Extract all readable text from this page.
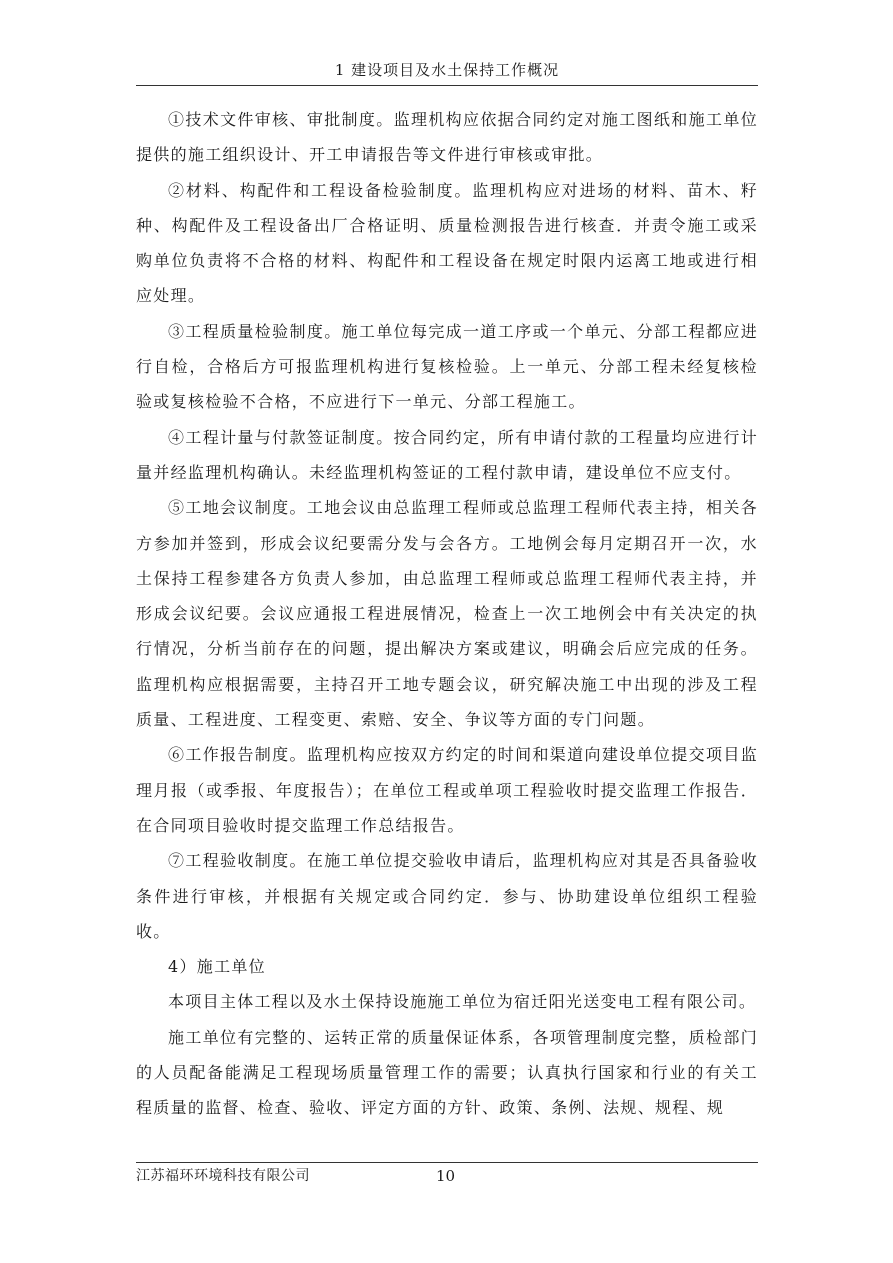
1 建设项目及水土保持工作概况

①技术文件审核、审批制度。监理机构应依据合同约定对施工图纸和施工单位提供的施工组织设计、开工申请报告等文件进行审核或审批。

②材料、构配件和工程设备检验制度。监理机构应对进场的材料、苗木、籽种、构配件及工程设备出厂合格证明、质量检测报告进行核查．并责令施工或采购单位负责将不合格的材料、构配件和工程设备在规定时限内运离工地或进行相应处理。

③工程质量检验制度。施工单位每完成一道工序或一个单元、分部工程都应进行自检，合格后方可报监理机构进行复核检验。上一单元、分部工程未经复核检验或复核检验不合格，不应进行下一单元、分部工程施工。

④工程计量与付款签证制度。按合同约定，所有申请付款的工程量均应进行计量并经监理机构确认。未经监理机构签证的工程付款申请，建设单位不应支付。

⑤工地会议制度。工地会议由总监理工程师或总监理工程师代表主持，相关各方参加并签到，形成会议纪要需分发与会各方。工地例会每月定期召开一次，水土保持工程参建各方负责人参加，由总监理工程师或总监理工程师代表主持，并形成会议纪要。会议应通报工程进展情况，检查上一次工地例会中有关决定的执行情况，分析当前存在的问题，提出解决方案或建议，明确会后应完成的任务。监理机构应根据需要，主持召开工地专题会议，研究解决施工中出现的涉及工程质量、工程进度、工程变更、索赔、安全、争议等方面的专门问题。

⑥工作报告制度。监理机构应按双方约定的时间和渠道向建设单位提交项目监理月报（或季报、年度报告）；在单位工程或单项工程验收时提交监理工作报告．在合同项目验收时提交监理工作总结报告。

⑦工程验收制度。在施工单位提交验收申请后，监理机构应对其是否具备验收条件进行审核，并根据有关规定或合同约定．参与、协助建设单位组织工程验收。

4）施工单位

本项目主体工程以及水土保持设施施工单位为宿迁阳光送变电工程有限公司。

施工单位有完整的、运转正常的质量保证体系，各项管理制度完整，质检部门的人员配备能满足工程现场质量管理工作的需要；认真执行国家和行业的有关工程质量的监督、检查、验收、评定方面的方针、政策、条例、法规、规程、规

江苏福环环境科技有限公司	10
